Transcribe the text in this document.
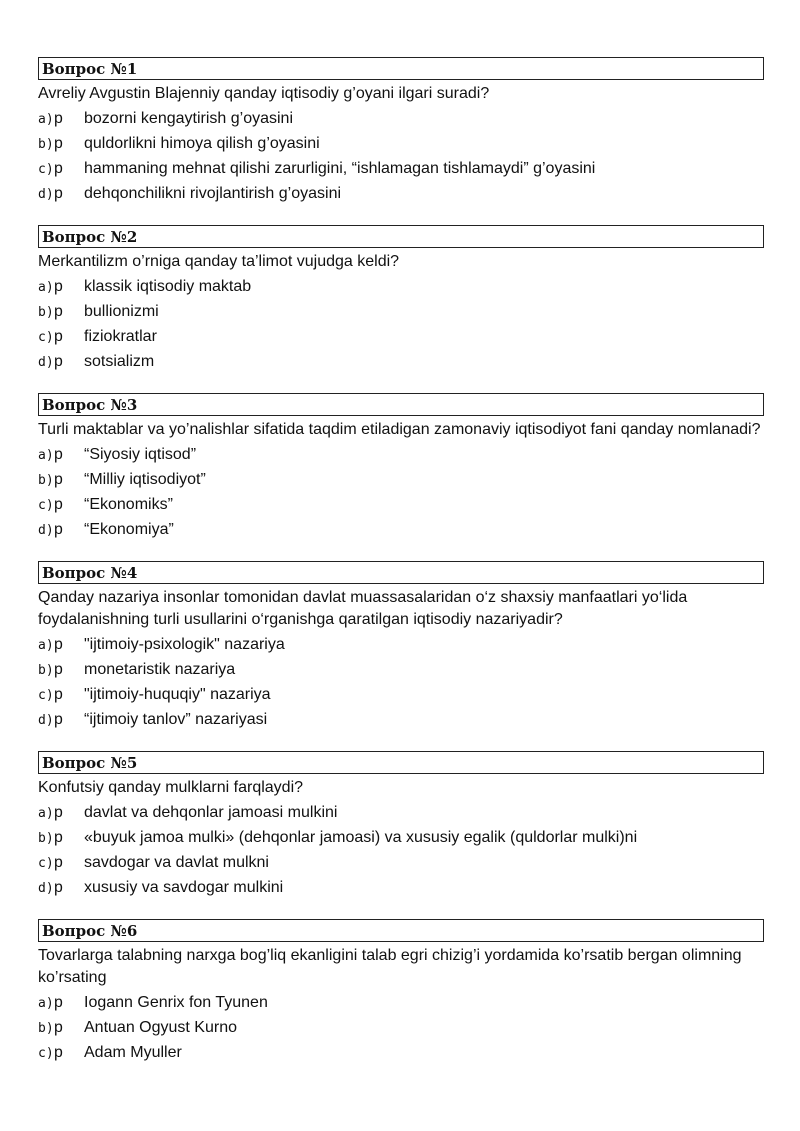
Вопрос №1
Avreliy Avgustin Blajenniy qanday iqtisodiy g’oyani ilgari suradi?
a)p	bozorni kengaytirish g’oyasini
b)p	quldorlikni himoya qilish g’oyasini
c)p	hammaning mehnat qilishi zarurligini, “ishlamagan tishlamaydi” g’oyasini
d)p	dehqonchilikni rivojlantirish g’oyasini
Вопрос №2
Merkantilizm o’rniga qanday ta’limot vujudga keldi?
a)p	klassik iqtisodiy maktab
b)p	bullionizmi
c)p	fiziokratlar
d)p	sotsializm
Вопрос №3
Turli maktablar va yo’nalishlar sifatida taqdim etiladigan zamonaviy iqtisodiyot fani qanday nomlanadi?
a)p	“Siyosiy iqtisod”
b)p	“Milliy iqtisodiyot”
c)p	“Ekonomiks”
d)p	“Ekonomiya”
Вопрос №4
Qanday nazariya insonlar tomonidan davlat muassasalaridan o‘z shaxsiy manfaatlari yo‘lida foydalanishning turli usullarini o‘rganishga qaratilgan iqtisodiy nazariyadir?
a)p	"ijtimoiy-psixologik" nazariya
b)p	monetaristik nazariya
c)p	"ijtimoiy-huquqiy" nazariya
d)p	“ijtimoiy tanlov” nazariyasi
Вопрос №5
Konfutsiy qanday mulklarni farqlaydi?
a)p	davlat va dehqonlar jamoasi mulkini
b)p	«buyuk jamoa mulki» (dehqonlar jamoasi) va xususiy egalik (quldorlar mulki)ni
c)p	savdogar va davlat mulkni
d)p	xususiy va savdogar mulkini
Вопрос №6
Tovarlarga talabning narxga bog’liq ekanligini talab egri chizig’i yordamida ko’rsatib bergan olimning ko’rsating
a)p	Iogann Genrix fon Tyunen
b)p	Antuan Ogyust Kurno
c)p	Adam Myuller
